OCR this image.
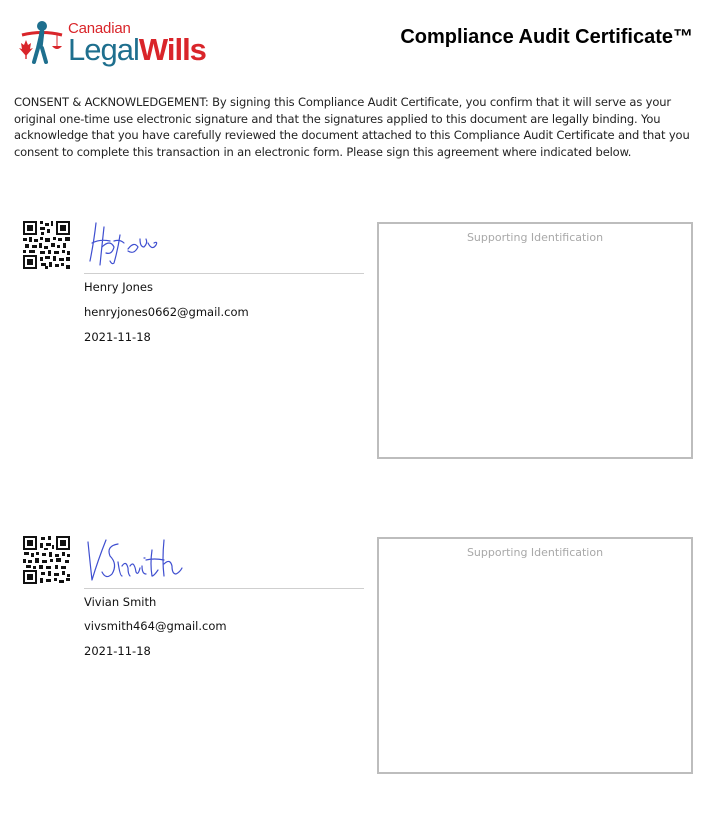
Canadian
LegalWills	Compliance Audit Certificate™
CONSENT & ACKNOWLEDGEMENT: By signing this Compliance Audit Certificate, you confirm that it will serve as your original one-time use electronic signature and that the signatures applied to this document are legally binding. You acknowledge that you have carefully reviewed the document attached to this Compliance Audit Certificate and that you consent to complete this transaction in an electronic form. Please sign this agreement where indicated below.
Henry Jones
henryjones0662@gmail.com
2021-11-18
Supporting Identification
Vivian Smith
vivsmith464@gmail.com
2021-11-18
Supporting Identification
